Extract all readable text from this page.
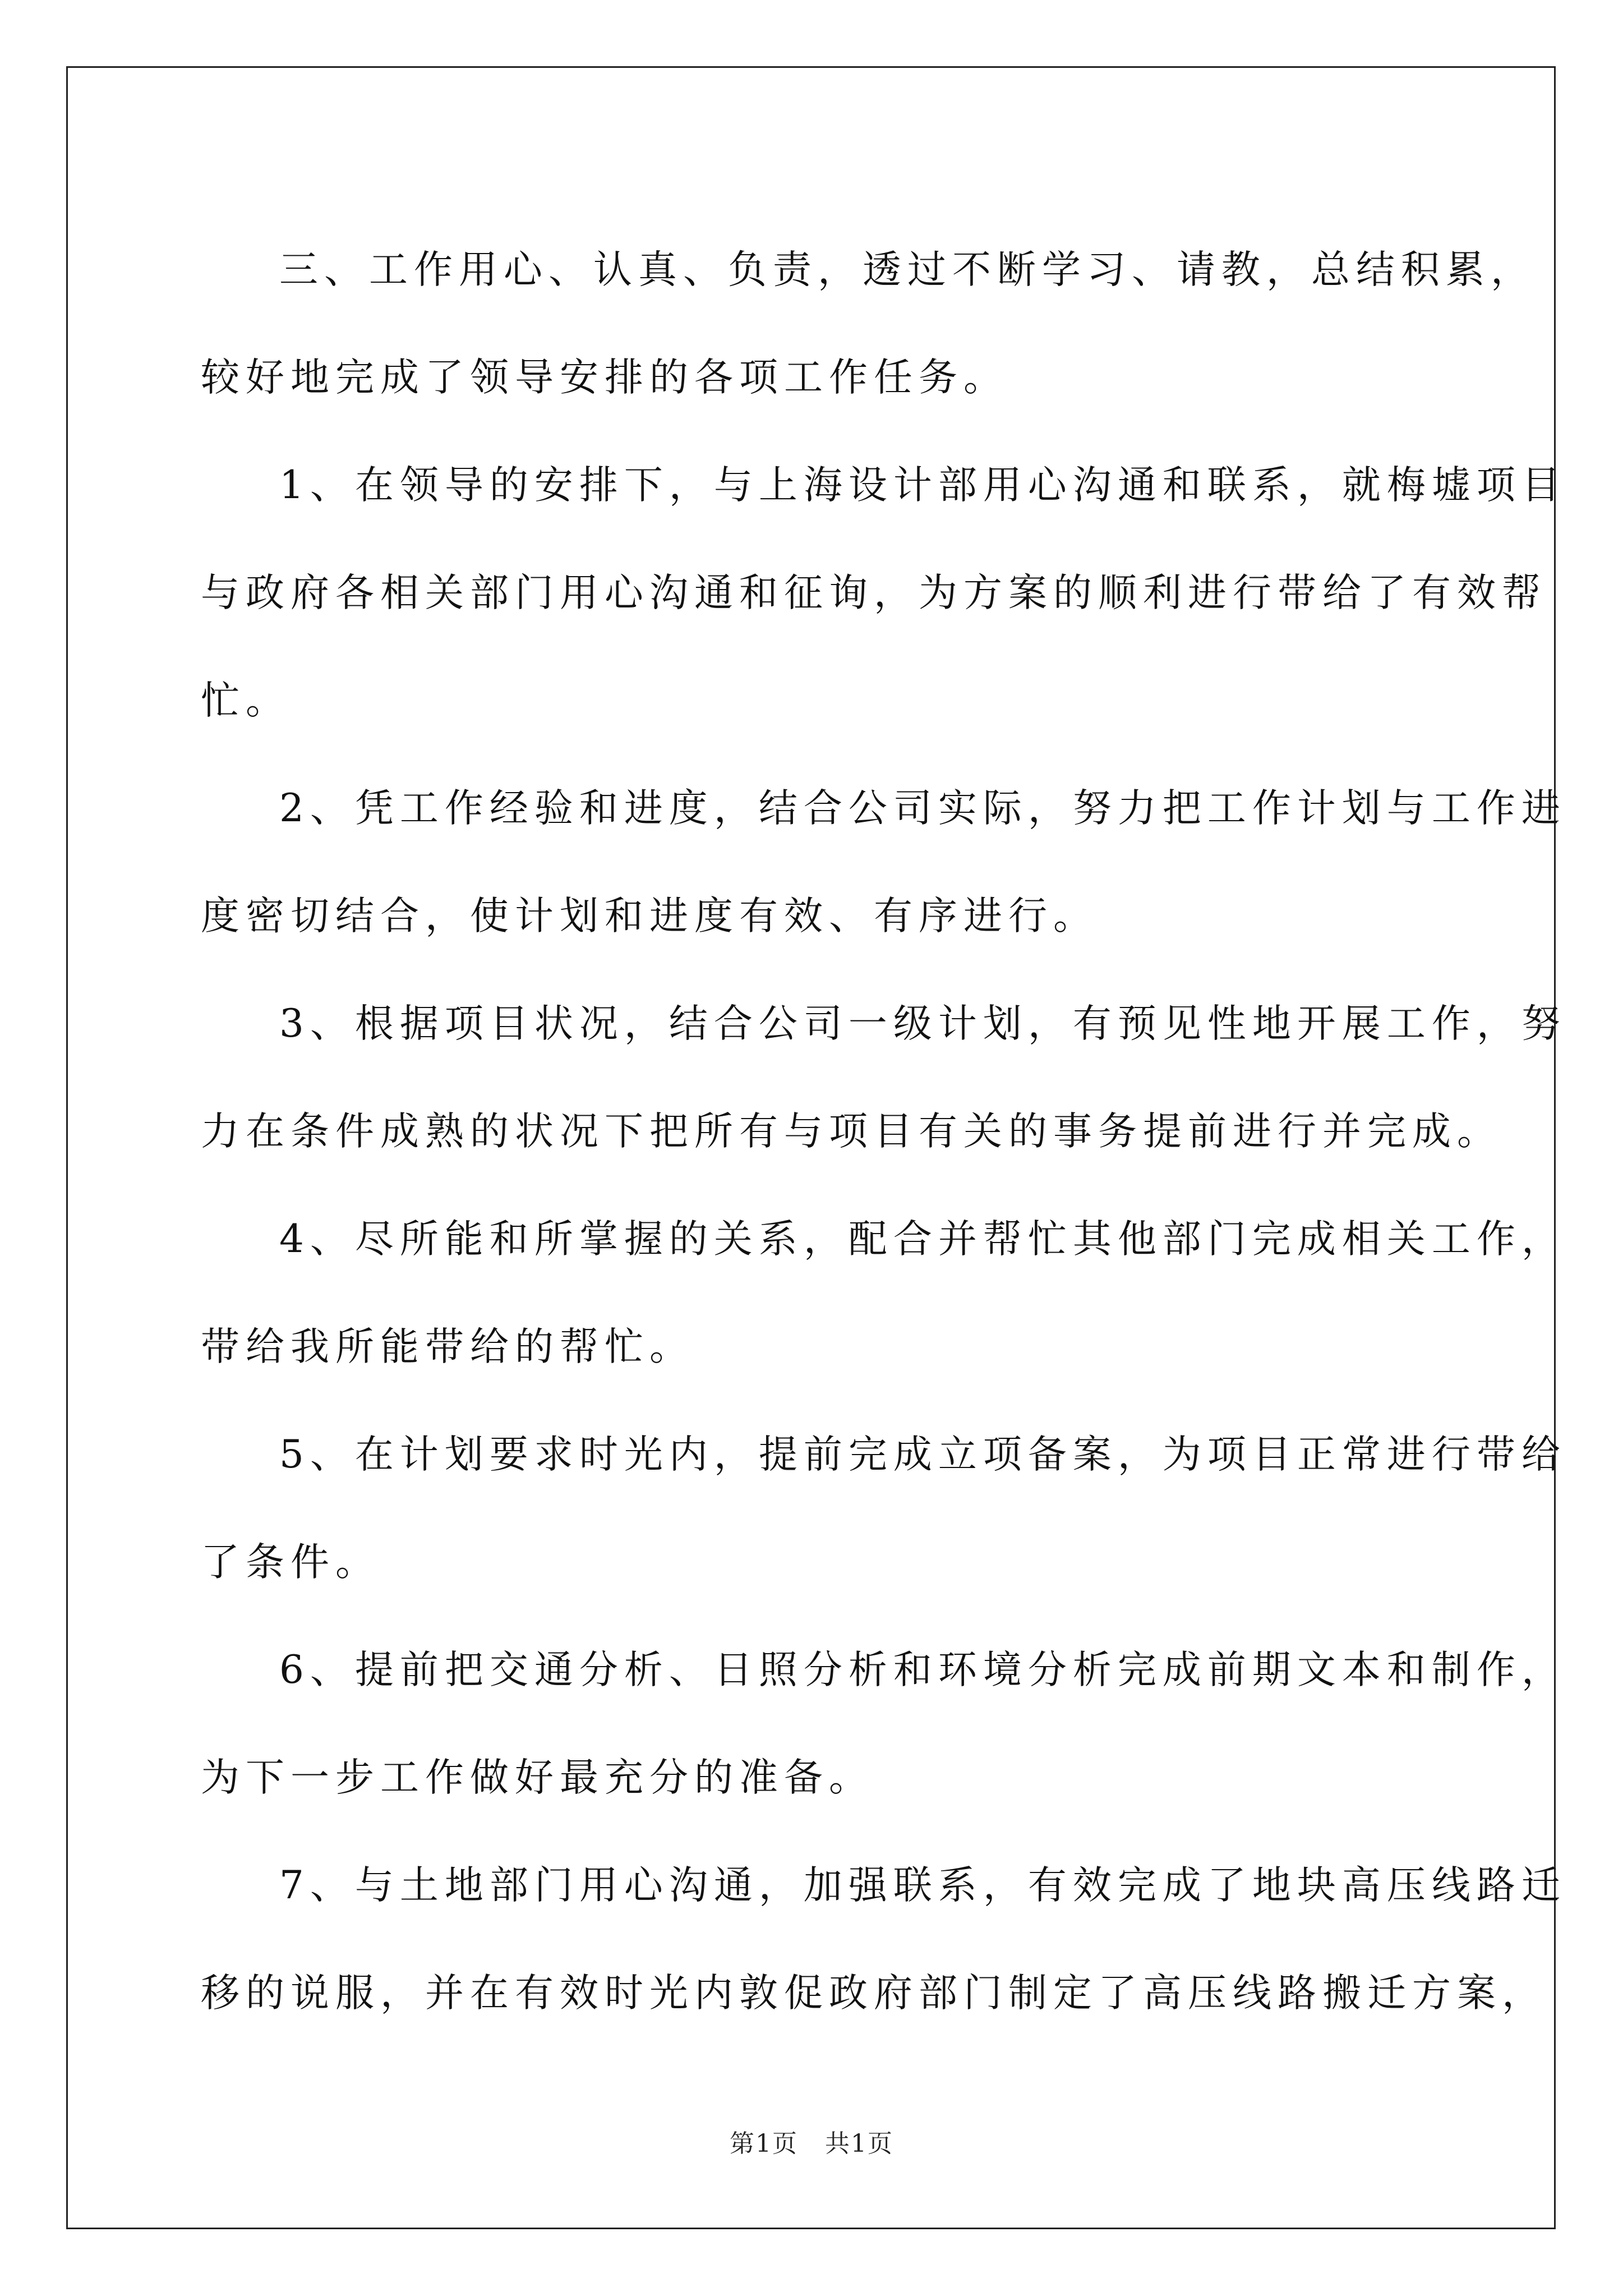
三、工作用心、认真、负责，透过不断学习、请教，总结积累，
较好地完成了领导安排的各项工作任务。
1、在领导的安排下，与上海设计部用心沟通和联系，就梅墟项目
与政府各相关部门用心沟通和征询，为方案的顺利进行带给了有效帮
忙。
2、凭工作经验和进度，结合公司实际，努力把工作计划与工作进
度密切结合，使计划和进度有效、有序进行。
3、根据项目状况，结合公司一级计划，有预见性地开展工作，努
力在条件成熟的状况下把所有与项目有关的事务提前进行并完成。
4、尽所能和所掌握的关系，配合并帮忙其他部门完成相关工作，
带给我所能带给的帮忙。
5、在计划要求时光内，提前完成立项备案，为项目正常进行带给
了条件。
6、提前把交通分析、日照分析和环境分析完成前期文本和制作，
为下一步工作做好最充分的准备。
7、与土地部门用心沟通，加强联系，有效完成了地块高压线路迁
移的说服，并在有效时光内敦促政府部门制定了高压线路搬迁方案，
第1页 共1页
